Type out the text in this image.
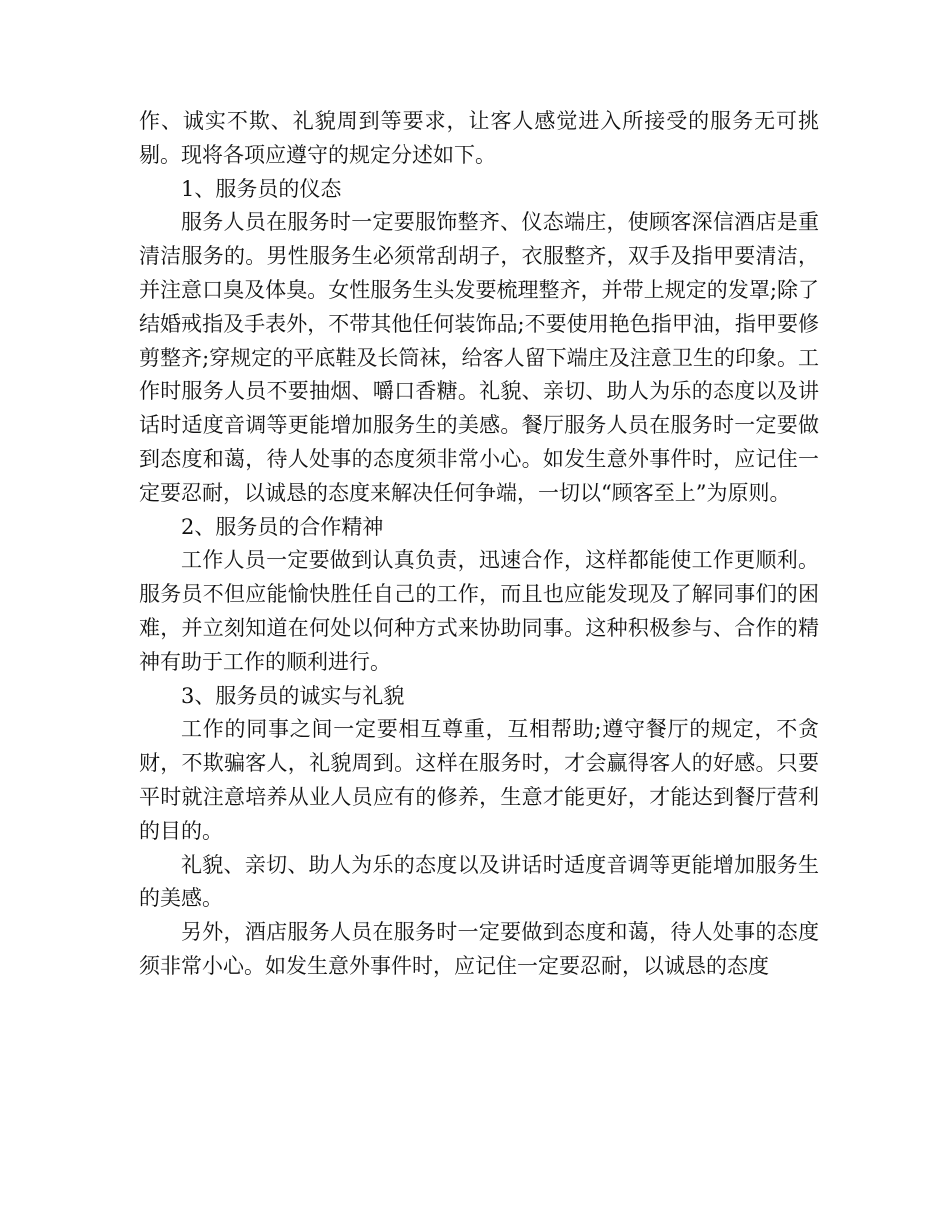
作、诚实不欺、礼貌周到等要求，让客人感觉进入所接受的服务无可挑剔。现将各项应遵守的规定分述如下。

1、服务员的仪态

服务人员在服务时一定要服饰整齐、仪态端庄，使顾客深信酒店是重清洁服务的。男性服务生必须常刮胡子，衣服整齐，双手及指甲要清洁，并注意口臭及体臭。女性服务生头发要梳理整齐，并带上规定的发罩;除了结婚戒指及手表外，不带其他任何装饰品;不要使用艳色指甲油，指甲要修剪整齐;穿规定的平底鞋及长筒袜，给客人留下端庄及注意卫生的印象。工作时服务人员不要抽烟、嚼口香糖。礼貌、亲切、助人为乐的态度以及讲话时适度音调等更能增加服务生的美感。餐厅服务人员在服务时一定要做到态度和蔼，待人处事的态度须非常小心。如发生意外事件时，应记住一定要忍耐，以诚恳的态度来解决任何争端，一切以“顾客至上”为原则。

2、服务员的合作精神

工作人员一定要做到认真负责，迅速合作，这样都能使工作更顺利。服务员不但应能愉快胜任自己的工作，而且也应能发现及了解同事们的困难，并立刻知道在何处以何种方式来协助同事。这种积极参与、合作的精神有助于工作的顺利进行。

3、服务员的诚实与礼貌

工作的同事之间一定要相互尊重，互相帮助;遵守餐厅的规定，不贪财，不欺骗客人，礼貌周到。这样在服务时，才会赢得客人的好感。只要平时就注意培养从业人员应有的修养，生意才能更好，才能达到餐厅营利的目的。

礼貌、亲切、助人为乐的态度以及讲话时适度音调等更能增加服务生的美感。

另外，酒店服务人员在服务时一定要做到态度和蔼，待人处事的态度须非常小心。如发生意外事件时，应记住一定要忍耐，以诚恳的态度
